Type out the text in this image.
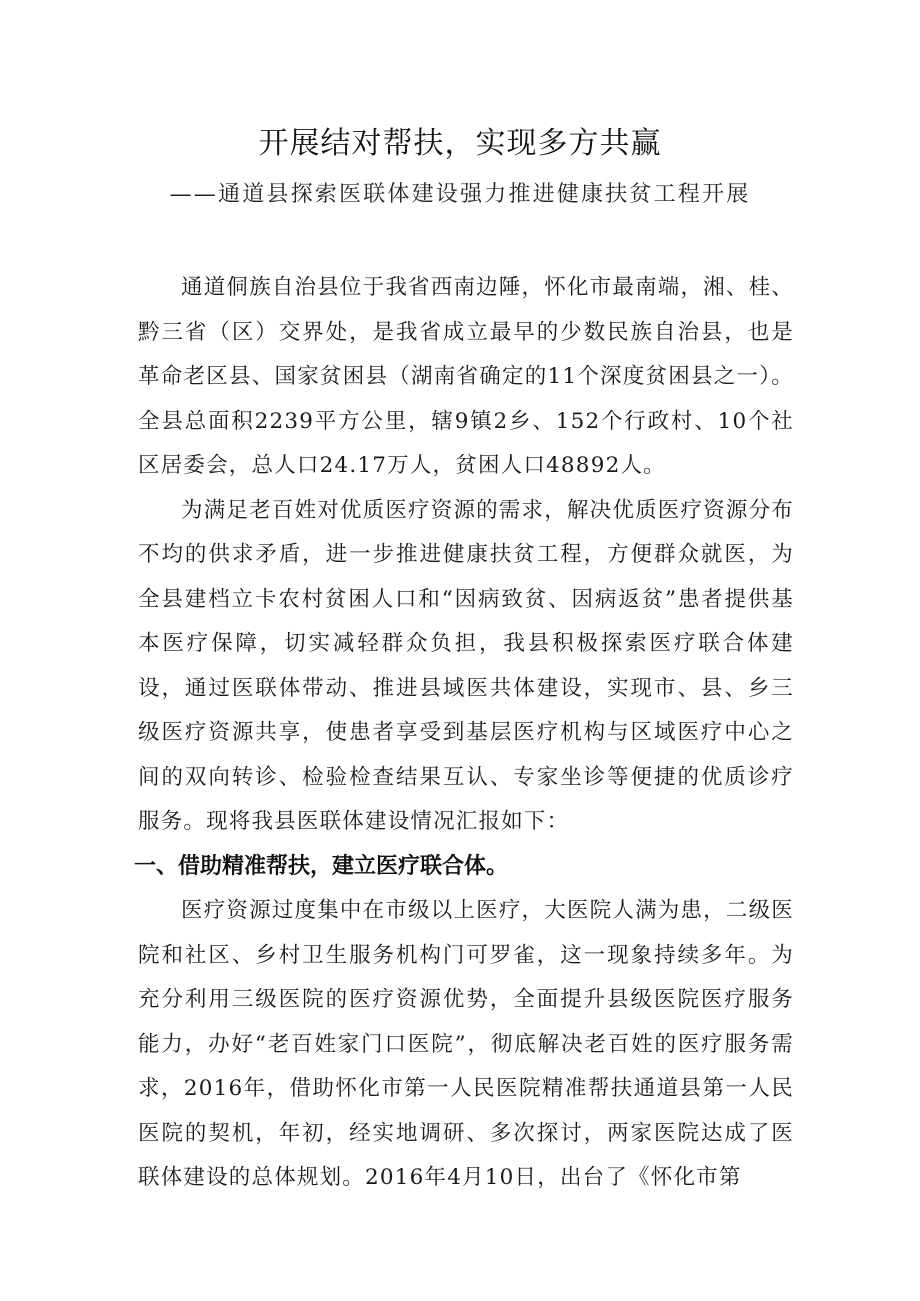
开展结对帮扶，实现多方共赢
——通道县探索医联体建设强力推进健康扶贫工程开展

通道侗族自治县位于我省西南边陲，怀化市最南端，湘、桂、黔三省（区）交界处，是我省成立最早的少数民族自治县，也是革命老区县、国家贫困县（湖南省确定的11个深度贫困县之一）。全县总面积2239平方公里，辖9镇2乡、152个行政村、10个社区居委会，总人口24.17万人，贫困人口48892人。

为满足老百姓对优质医疗资源的需求，解决优质医疗资源分布不均的供求矛盾，进一步推进健康扶贫工程，方便群众就医，为全县建档立卡农村贫困人口和“因病致贫、因病返贫”患者提供基本医疗保障，切实减轻群众负担，我县积极探索医疗联合体建设，通过医联体带动、推进县域医共体建设，实现市、县、乡三级医疗资源共享，使患者享受到基层医疗机构与区域医疗中心之间的双向转诊、检验检查结果互认、专家坐诊等便捷的优质诊疗服务。现将我县医联体建设情况汇报如下：

一、借助精准帮扶，建立医疗联合体。

医疗资源过度集中在市级以上医疗，大医院人满为患，二级医院和社区、乡村卫生服务机构门可罗雀，这一现象持续多年。为充分利用三级医院的医疗资源优势，全面提升县级医院医疗服务能力，办好“老百姓家门口医院”，彻底解决老百姓的医疗服务需求，2016年，借助怀化市第一人民医院精准帮扶通道县第一人民医院的契机，年初，经实地调研、多次探讨，两家医院达成了医联体建设的总体规划。2016年4月10日，出台了《怀化市第
